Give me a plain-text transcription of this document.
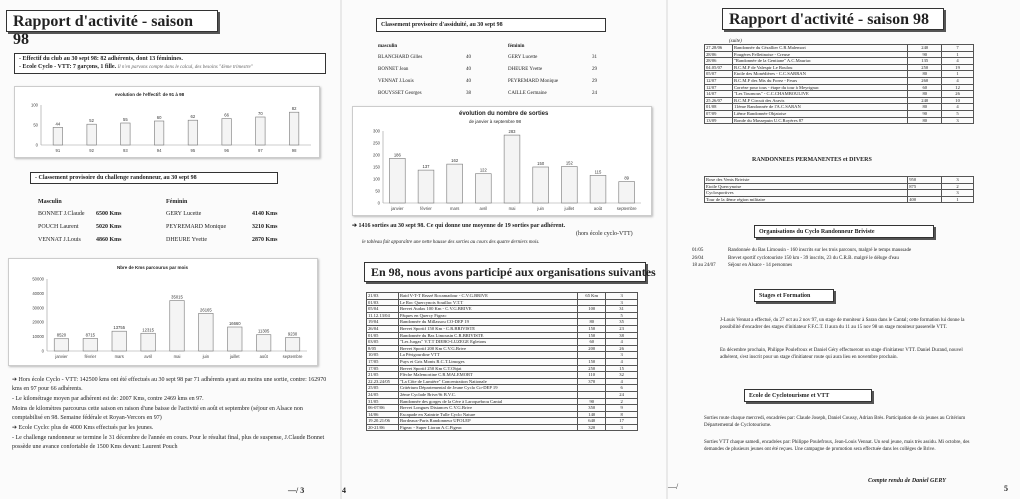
Rapport d'activité - saison 98
- Effectif du club au 30 sept 98: 82 adhérents, dont 13 féminines.
- Ecole Cyclo - VTT: 7 garçons, 1 fille. Il n'en parvons compte dans le calcul, des besoins "4ème trimestre"
evolution de l'effectif: de 91 à 98
100
50
0
44
91
52
92
55
93
60
94
62
95
66
96
70
97
82
98
- Classement provisoire du challenge randonneur, au 30 sept 98
Masculin	Féminin
BONNET J.Claude 6500 Kms	GERY Lucette	4140 Kms
POUCH Laurent	5020 Kms	PEYREMARD Monique	3210 Kms
VENNAT J.Louis	4860 Kms	DHEURE Yvette	2870 Kms
Nbre de Kms parcourus par mois
50000
40000
30000
20000
10000
0
8520
janvier
8715
février
13755
mars
12315
avril
35015
mai
26165
juin
16660
juillet
11305
août
9230
septembre
➔ Hors école Cyclo - VTT: 142500 kms ont été effectués au 30 sept 98 par 71 adhérents ayant au moins une sortie, contre: 162970 kms en 97 pour 66 adhérents.
- Le kilométrage moyen par adhérent est de: 2007 Kms, contre 2469 kms en 97.
Moins de kilomètres parcourus cette saison en raison d'une baisse de l'activité en août et septembre (séjour en Alsace non comptabilisé en 98. Semaine fédérale et Royan-Vercors en 97)
➔ Ecole Cyclo: plus de 4000 Kms effectués par les jeunes.
- Le challenge randonneur se termine le 31 décembre de l'année en cours. Pour le résultat final, plus de suspense, J.Claude Bonnet possède une avance confortable de 1500 Kms devant: Laurent Pouch
—/ 3	4
Classement provisoire d'assiduité, au 30 sept 98
masculin	féminin
BLANCHARD Gilles	40	GERY Lucette	31
BONNET Jean	40	DHEURE Yvette	29
VENNAT J.Louis	40	PEYREMARD Monique	29
BOUYSSET Georges	38	CAILLE Germaine	24
évolution du nombre de sorties
de janvier à septembre 98
300
250
200
150
100
50
0
186
janvier
137
février
162
mars
122
avril
283
mai
150
juin
152
juillet
115
août
89
septembre
➔ 1416 sorties au 30 sept 98. Ce qui donne une moyenne de 19 sorties par adhérent.
(hors école cyclo-VTT)
le tableau fait apparaître une nette hausse des sorties au cours des quatre derniers mois.
En 98, nous avons participé aux organisations suivantes
21/03	Raid V-T-T Rezzé Rocamadour - C.V.G.BRIVE	65 Km	3
01/03	Le Roc Quercynois Souillac V.T.T		3
05/04	Brevet Audax 100 Km - C.V.G.BRIVE	100	31
11.12.13/04	Pâques en Quercy Figeac		5
19/04	Randonnée du Millassou CO-DEP 19	80	35
26/04	Brevet Sportif 150 Km - C.R.BRIVISTE	150	23
01/05	Randonnée du Bas Limousin C.R.BRIVISTE	150	38
03/05	"Les Jurgas" V.T.T DIEBO-LUZEGE Egletons	60	4
8/05	Brevet Sportif 200 Km C.V.G.Brive	200	26
10/05	La Périgourdine VTT		3
17/05	Puys et Gris Monts R.C.T.Limoges	150	4
17/05	Brevet Sportif 250 Km C.T.Objat	250	15
21/05	Flèche Malemortine C.R.MALEMORT	110	32
22.23.24/05	"La Côte de Lumière" Concentration Nationale	370	4
25/05	Critérium Départemental de Jeune Cyclo Co-DEP 19		6
24/05	2ème Cyclade Brive/St B.V.C.		24
31/05	Randonnée des gorges de la Cère à Laroquebrou Cantal	90	2
06-07/06	Brevet Longues Distances C.V.G.Brive	350	9
14/06	Escapade en Xaintrie Tulle Cyclo Nature	140	8
19.20.21/06	Bordeaux-Paris Randonneur UFOLEP	640	17
20-21/06	Figeac - Super Lioran A.C.Figeac	320	3
—/
Rapport d'activité - saison 98 (suite)
27.28/06	Randonnée du Cézallier C.R.Malemort	240	7
28/06	Fougères Felletinoise - Creuse	90	1
28/06	"Randonnée de la Gentiane" A.C.Mauriac	135	4
04.05/07	B.C.M.F de Valespir Le Boulou	250	19
05/07	Etoile des Monédières - C.C.SARRAN	80	1
12/07	B.C.M.F des Mts du Forez - Feurs	260	4
12/07	Corrèze pour tous - étape du tour à Meyrignac	60	12
14/07	"Les Tournous" - C.C.CHAMBOULIVE	80	26
25.26/07	B.C.M.F Circuit des Aravis	240	10
01/08	11ème Randonnée de l'A.C.SARAN	80	4
07/09	Liême Randonnée Objatoise	90	5
13/09	Ronde du Massepuin U.C.Royères 87	80	3
RANDONNEES PERMANENTES et DIVERS
Rose des Vents Briviste	950	3
Etoile Quercynoise	875	2
Cyclosportives		3
Tour de la 4ème région militaire	400	1
Organisations du Cyclo Randonneur Briviste
01/05	Randonnée du Bas Limousin - 160 inscrits sur les trois parcours, malgré le temps maussade
26/04	Brevet sportif cyclotouriste 150 km - 39 inscrits, 23 du C.R.B. malgré le déluge d'eau
18 au 24/07	Séjour en Alsace - 14 personnes
Stages et Formation
J-Louis Vennat a effectué, du 27 oct au 2 nov 97, un stage de moniteur à Saran dans le Cantal; cette formation lui donne la possibilité d'encadrer des stages d'initiateur F.F.C.T. Il aura du 11 au 15 nov 98 un stage moniteur passerelle VTT.
En décembre prochain, Philippe Poulefroux et Daniel Géry effectueront un stage d'initiateur VTT. Daniel Durand, nouvel adhérent, s'est inscrit pour un stage d'initiateur route qui aura lieu en novembre prochain.
Ecole de Cyclotourisme et VTT
Sorties route chaque mercredi, encadrées par: Claude Joseph, Daniel Coussy, Adrian Brès. Participation de six jeunes au Critérium Départemental de Cyclotourisme.
Sorties VTT chaque samedi, encadrées par: Philippe Poulefroux, Jean-Louis Vennat. Un seul jeune, mais très assidu. Mi octobre, des demandes de plusieurs jeunes ont été reçues. Une campagne de promotion sera effectuée dans les collèges de Brive.
Compte rendu de Daniel GERY
5
